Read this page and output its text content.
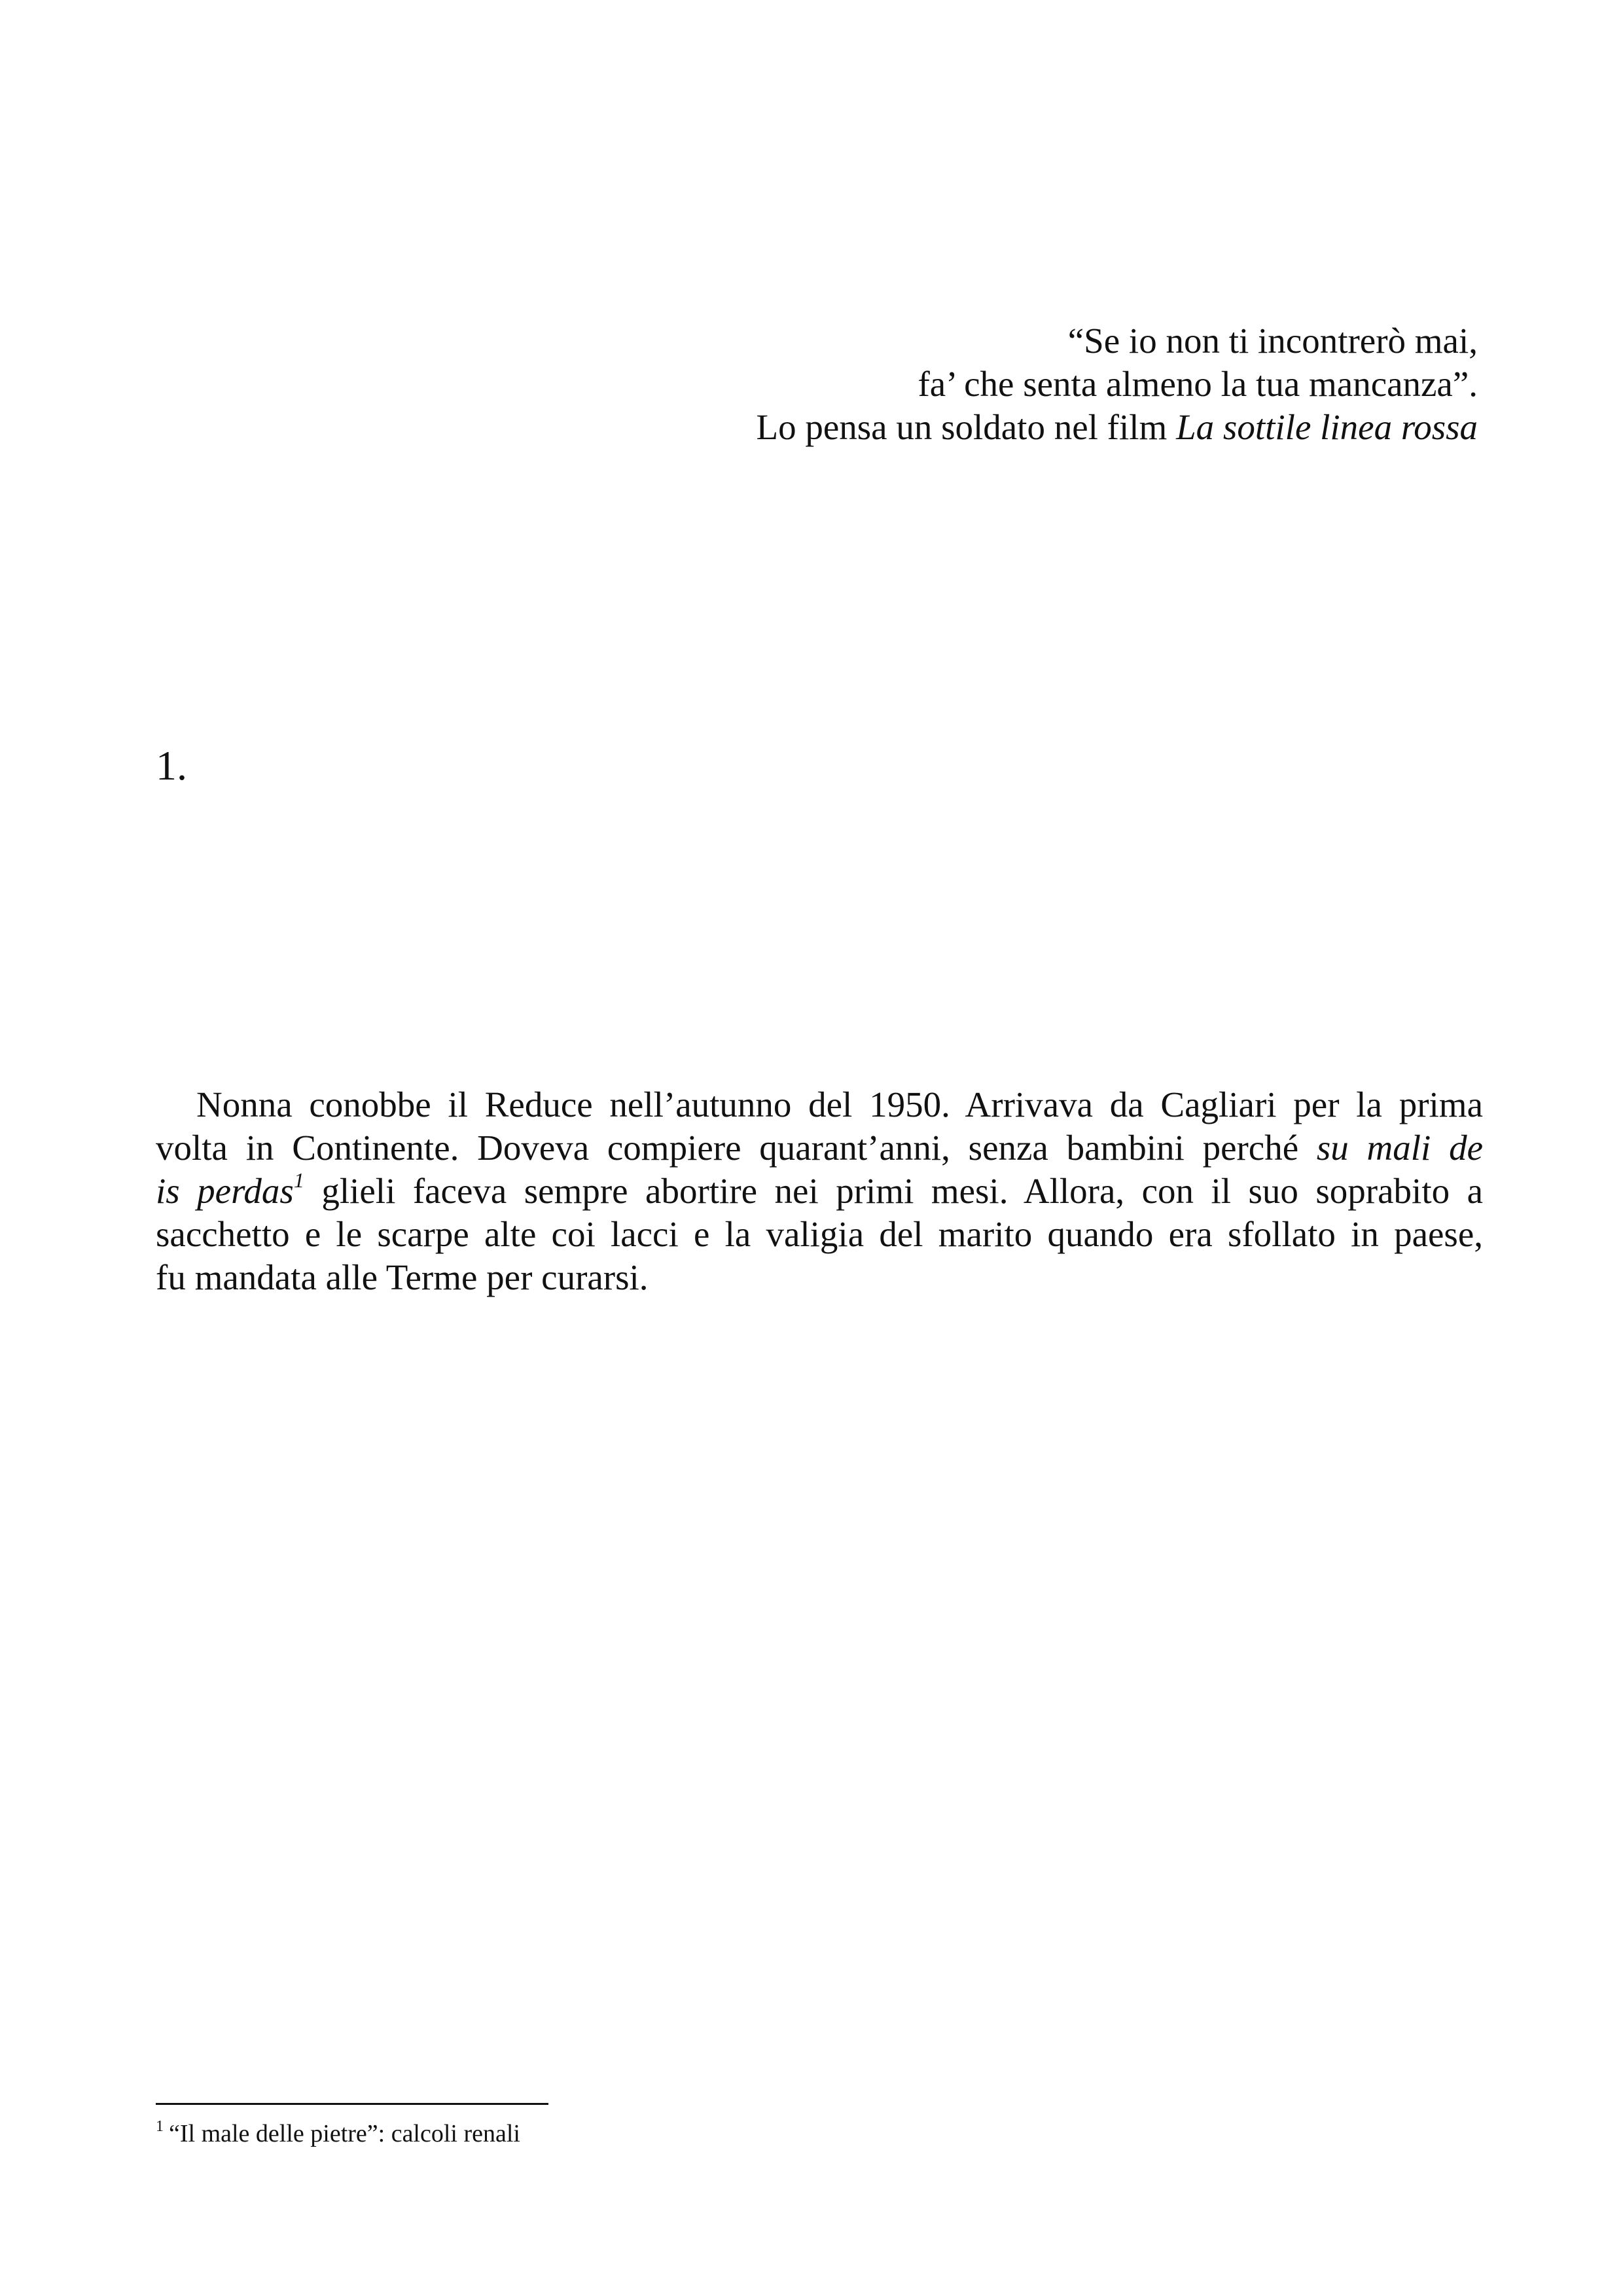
“Se io non ti incontrerò mai,
fa’ che senta almeno la tua mancanza”.
Lo pensa un soldato nel film La sottile linea rossa
1.
Nonna conobbe il Reduce nell’autunno del 1950. Arrivava da Cagliari per la prima
volta in Continente. Doveva compiere quarant’anni, senza bambini perché su mali de
is perdas$^1$ glieli faceva sempre abortire nei primi mesi. Allora, con il suo soprabito a
sacchetto e le scarpe alte coi lacci e la valigia del marito quando era sfollato in paese,
fu mandata alle Terme per curarsi.
$^1$ “Il male delle pietre”: calcoli renali
